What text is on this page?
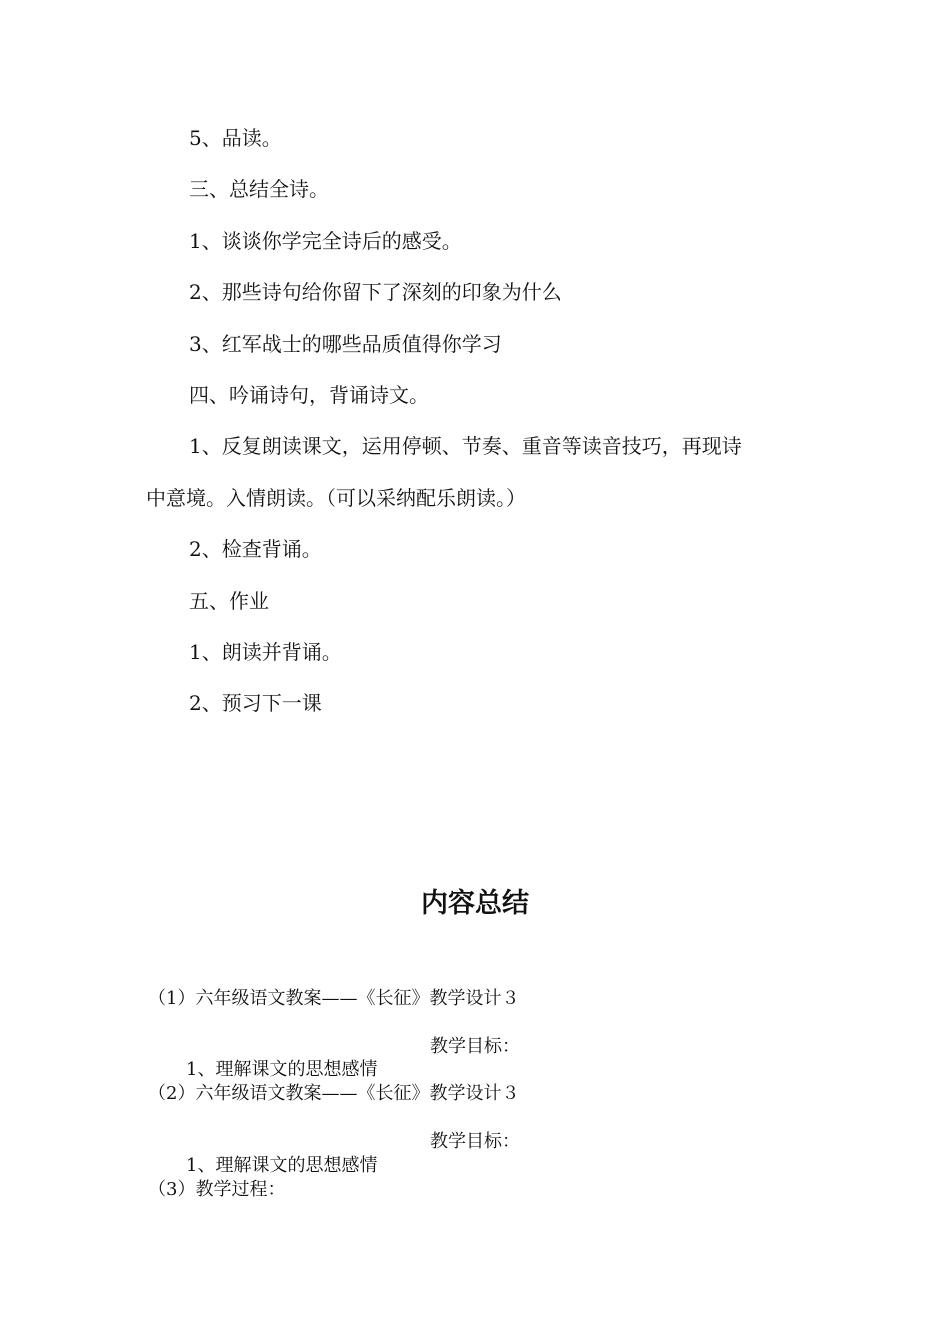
5、品读。

三、总结全诗。

1、谈谈你学完全诗后的感受。

2、那些诗句给你留下了深刻的印象为什么

3、红军战士的哪些品质值得你学习

四、吟诵诗句，背诵诗文。

1、反复朗读课文，运用停顿、节奏、重音等读音技巧，再现诗

中意境。入情朗读。（可以采纳配乐朗读。）

2、检查背诵。

五、作业

1、朗读并背诵。

2、预习下一课

内容总结

（1）六年级语文教案——《长征》教学设计３

教学目标：

1、理解课文的思想感情

（2）六年级语文教案——《长征》教学设计３

教学目标：

1、理解课文的思想感情

（3）教学过程：
